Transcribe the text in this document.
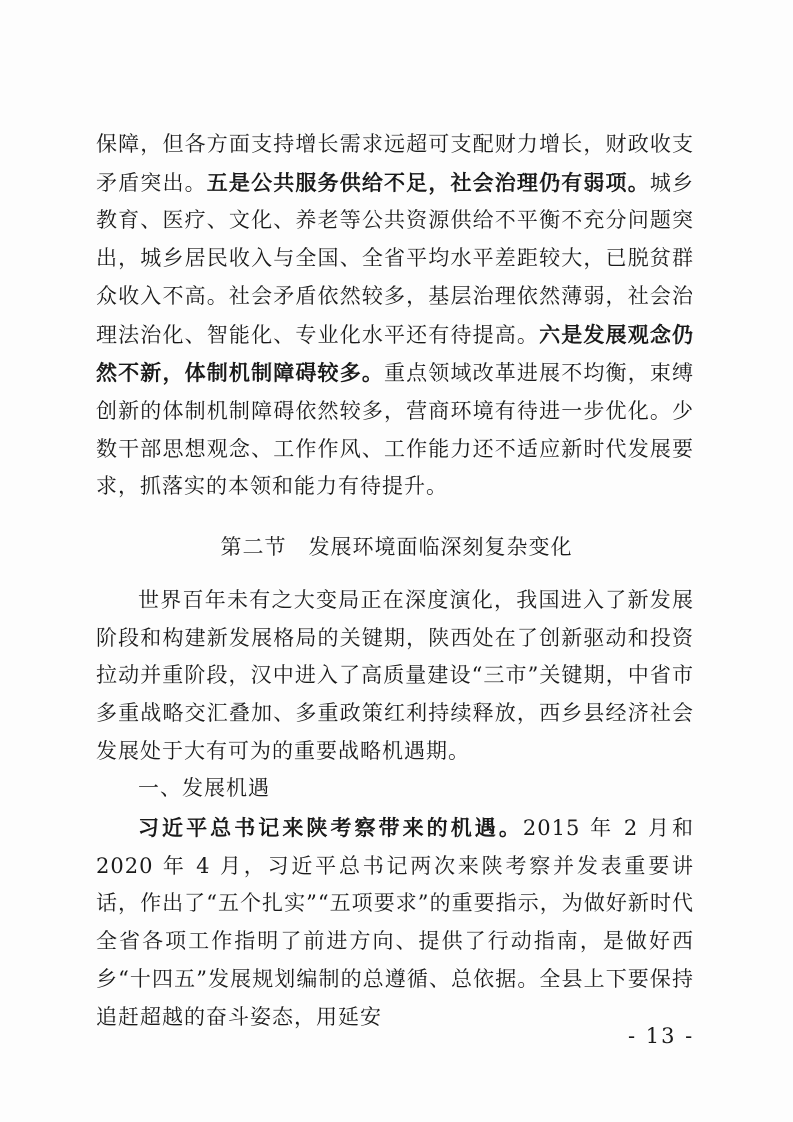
保障，但各方面支持增长需求远超可支配财力增长，财政收支矛盾突出。五是公共服务供给不足，社会治理仍有弱项。城乡教育、医疗、文化、养老等公共资源供给不平衡不充分问题突出，城乡居民收入与全国、全省平均水平差距较大，已脱贫群众收入不高。社会矛盾依然较多，基层治理依然薄弱，社会治理法治化、智能化、专业化水平还有待提高。六是发展观念仍然不新，体制机制障碍较多。重点领域改革进展不均衡，束缚创新的体制机制障碍依然较多，营商环境有待进一步优化。少数干部思想观念、工作作风、工作能力还不适应新时代发展要求，抓落实的本领和能力有待提升。

第二节　发展环境面临深刻复杂变化

世界百年未有之大变局正在深度演化，我国进入了新发展阶段和构建新发展格局的关键期，陕西处在了创新驱动和投资拉动并重阶段，汉中进入了高质量建设“三市”关键期，中省市多重战略交汇叠加、多重政策红利持续释放，西乡县经济社会发展处于大有可为的重要战略机遇期。

一、发展机遇

习近平总书记来陕考察带来的机遇。2015 年 2 月和 2020 年 4 月，习近平总书记两次来陕考察并发表重要讲话，作出了“五个扎实”“五项要求”的重要指示，为做好新时代全省各项工作指明了前进方向、提供了行动指南，是做好西乡“十四五”发展规划编制的总遵循、总依据。全县上下要保持追赶超越的奋斗姿态，用延安

- 13 -
